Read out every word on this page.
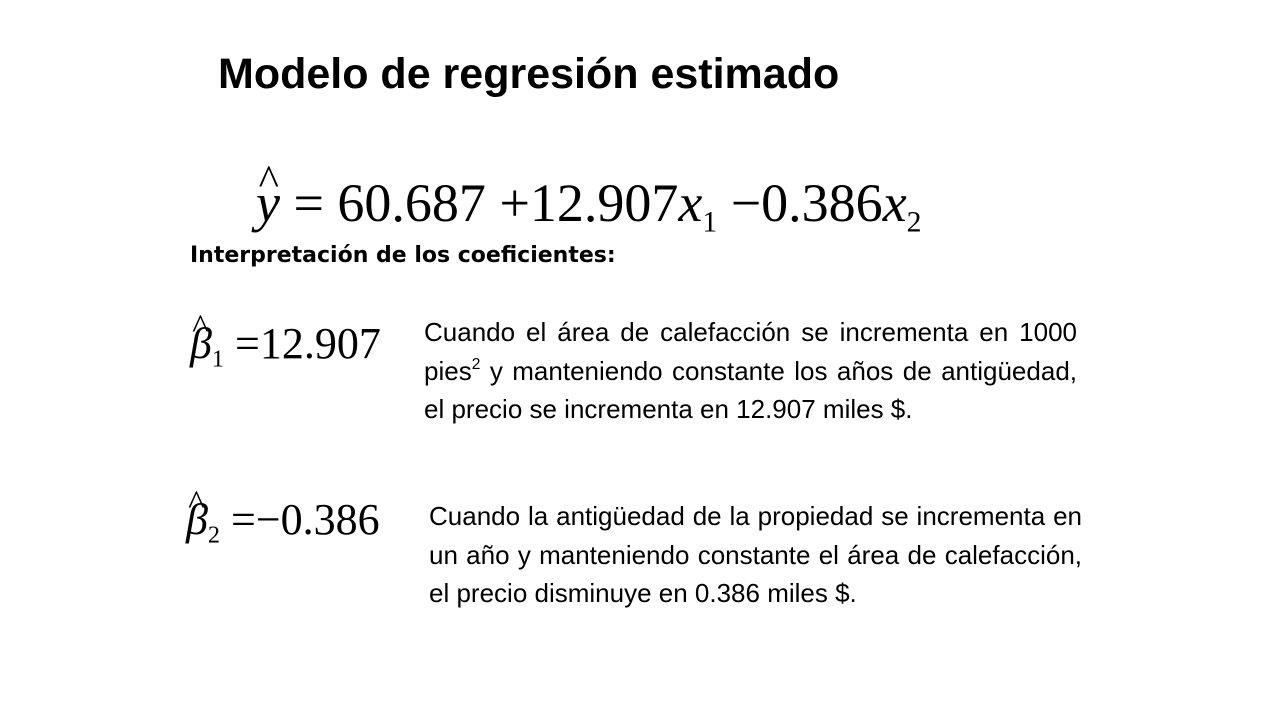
Modelo de regresión estimado
^ $y = 60.687 +12.907x_1 -0.386x_2$
Interpretación de los coeficientes:
^ $\beta_1 =12.907$ Cuando el área de calefacción se incrementa en 1000 pies$^2$ y manteniendo constante los años de antigüedad, el precio se incrementa en 12.907 miles $.
^ $\beta_2 =-0.386$ Cuando la antigüedad de la propiedad se incrementa en un año y manteniendo constante el área de calefacción, el precio disminuye en 0.386 miles $.
